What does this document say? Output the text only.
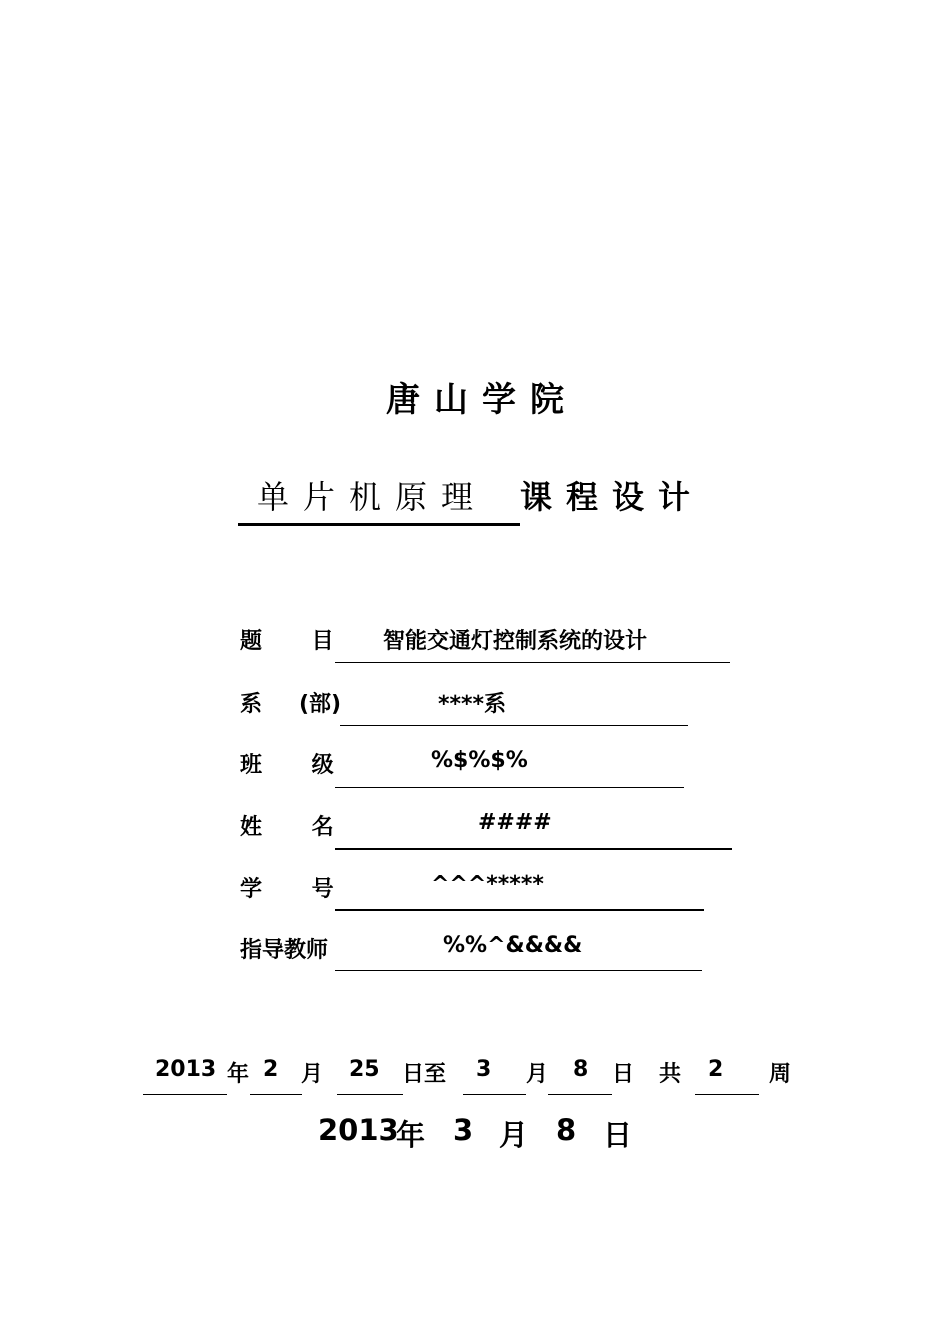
唐山学院
单片机原理 课程设计
题 目 智能交通灯控制系统的设计
系 (部)	****系
班 级	%$%$%
姓 名	####
学 号	^^^*****
指导教师	%%^&&&&
2013 年 2 月 25 日至 3 月 8 日 共 2 周
2013
年 3 月 8 日
